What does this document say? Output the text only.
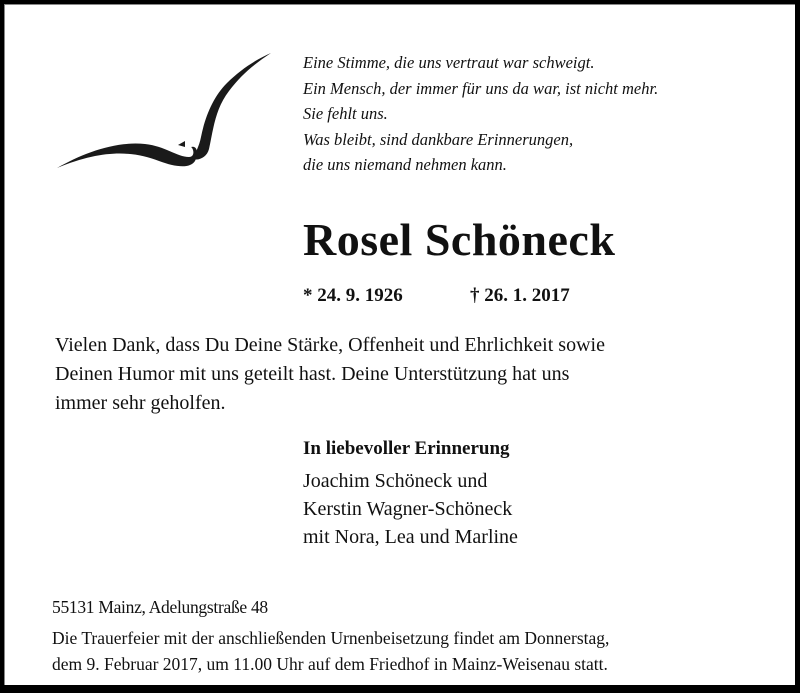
Eine Stimme, die uns vertraut war schweigt.
Ein Mensch, der immer für uns da war, ist nicht mehr.
Sie fehlt uns.
Was bleibt, sind dankbare Erinnerungen,
die uns niemand nehmen kann.
Rosel Schöneck
* 24. 9. 1926	† 26. 1. 2017
Vielen Dank, dass Du Deine Stärke, Offenheit und Ehrlichkeit sowie
Deinen Humor mit uns geteilt hast. Deine Unterstützung hat uns
immer sehr geholfen.
In liebevoller Erinnerung
Joachim Schöneck und
Kerstin Wagner-Schöneck
mit Nora, Lea und Marline
55131 Mainz, Adelungstraße 48
Die Trauerfeier mit der anschließenden Urnenbeisetzung findet am Donnerstag,
dem 9. Februar 2017, um 11.00 Uhr auf dem Friedhof in Mainz-Weisenau statt.
